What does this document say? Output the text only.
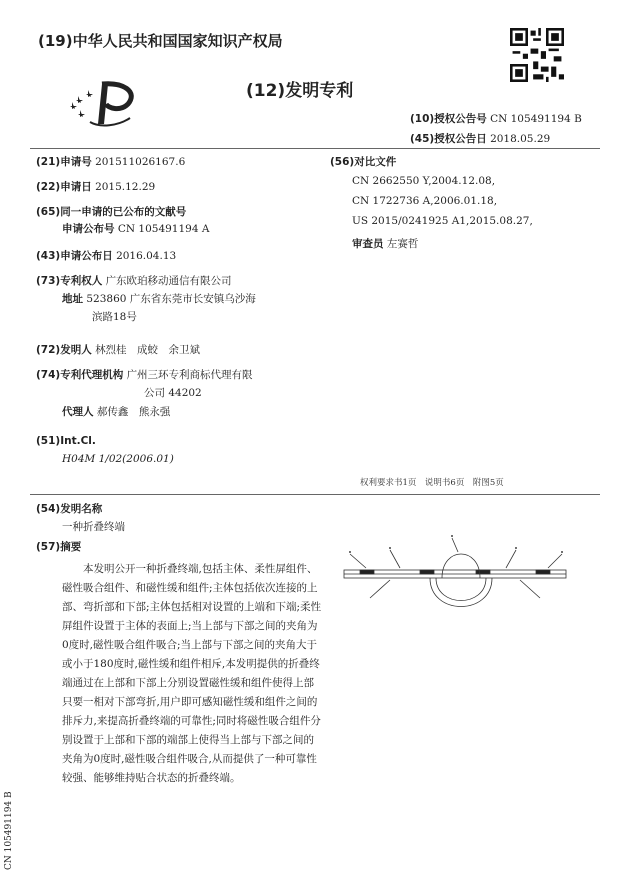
(19)中华人民共和国国家知识产权局
(12)发明专利
(10)授权公告号 CN 105491194 B
(45)授权公告日 2018.05.29
(21)申请号 201511026167.6
(22)申请日 2015.12.29
(65)同一申请的已公布的文献号
申请公布号 CN 105491194 A
(43)申请公布日 2016.04.13
(73)专利权人 广东欧珀移动通信有限公司
地址 523860 广东省东莞市长安镇乌沙海
滨路18号
(72)发明人 林烈桂　成蛟　余卫斌
(74)专利代理机构 广州三环专利商标代理有限
公司 44202
代理人 郝传鑫　熊永强
(51)Int.Cl.
H04M 1/02(2006.01)
(56)对比文件
CN 2662550 Y,2004.12.08,
CN 1722736 A,2006.01.18,
US 2015/0241925 A1,2015.08.27,
审查员 左赛哲
权利要求书1页　说明书6页　附图5页
(54)发明名称
一种折叠终端
(57)摘要
本发明公开一种折叠终端,包括主体、柔性屏组件、磁性吸合组件、和磁性缓和组件;主体包括依次连接的上部、弯折部和下部;主体包括相对设置的上端和下端;柔性屏组件设置于主体的表面上;当上部与下部之间的夹角为0度时,磁性吸合组件吸合;当上部与下部之间的夹角大于或小于180度时,磁性缓和组件相斥,本发明提供的折叠终端通过在上部和下部上分别设置磁性缓和组件使得上部只要一相对下部弯折,用户即可感知磁性缓和组件之间的排斥力,来提高折叠终端的可靠性;同时将磁性吸合组件分别设置于上部和下部的端部上使得当上部与下部之间的夹角为0度时,磁性吸合组件吸合,从而提供了一种可靠性较强、能够维持贴合状态的折叠终端。
CN 105491194 B
